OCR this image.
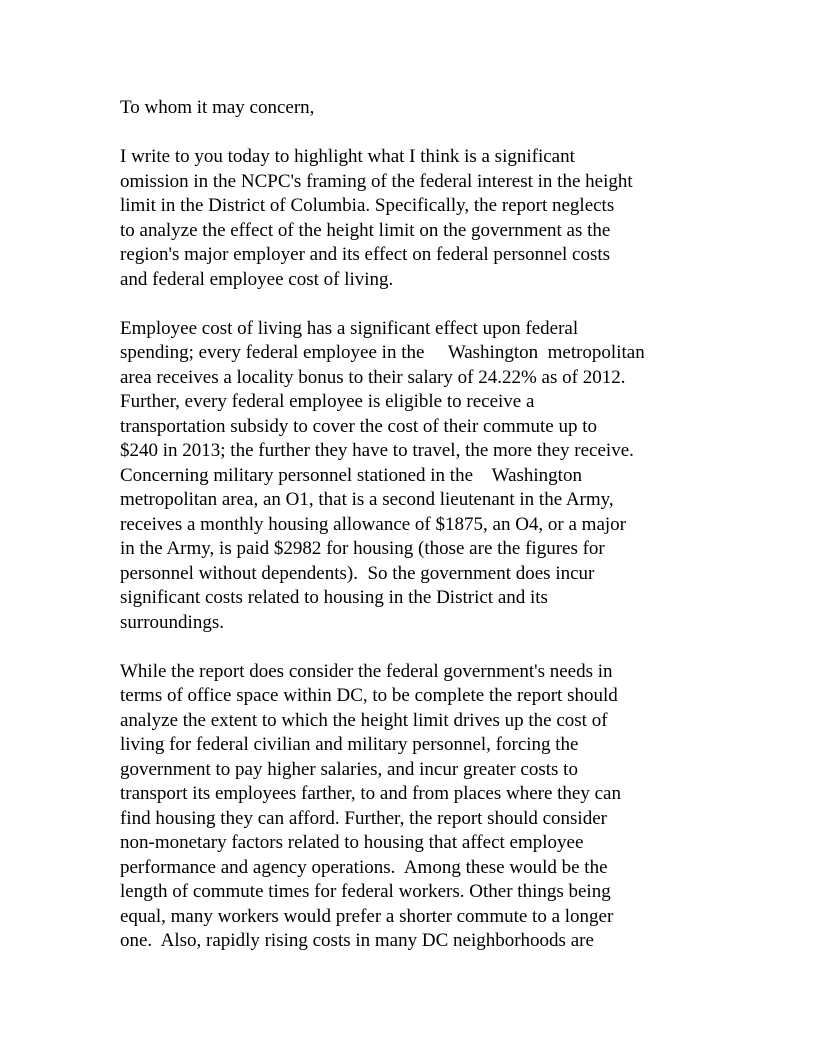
To whom it may concern,
I write to you today to highlight what I think is a significant
omission in the NCPC's framing of the federal interest in the height
limit in the District of Columbia. Specifically, the report neglects
to analyze the effect of the height limit on the government as the
region's major employer and its effect on federal personnel costs
and federal employee cost of living.
Employee cost of living has a significant effect upon federal
spending; every federal employee in the     Washington  metropolitan
area receives a locality bonus to their salary of 24.22% as of 2012.
Further, every federal employee is eligible to receive a
transportation subsidy to cover the cost of their commute up to
$240 in 2013; the further they have to travel, the more they receive.
Concerning military personnel stationed in the    Washington
metropolitan area, an O1, that is a second lieutenant in the Army,
receives a monthly housing allowance of $1875, an O4, or a major
in the Army, is paid $2982 for housing (those are the figures for
personnel without dependents).  So the government does incur
significant costs related to housing in the District and its
surroundings.
While the report does consider the federal government's needs in
terms of office space within DC, to be complete the report should
analyze the extent to which the height limit drives up the cost of
living for federal civilian and military personnel, forcing the
government to pay higher salaries, and incur greater costs to
transport its employees farther, to and from places where they can
find housing they can afford. Further, the report should consider
non-monetary factors related to housing that affect employee
performance and agency operations.  Among these would be the
length of commute times for federal workers. Other things being
equal, many workers would prefer a shorter commute to a longer
one.  Also, rapidly rising costs in many DC neighborhoods are
